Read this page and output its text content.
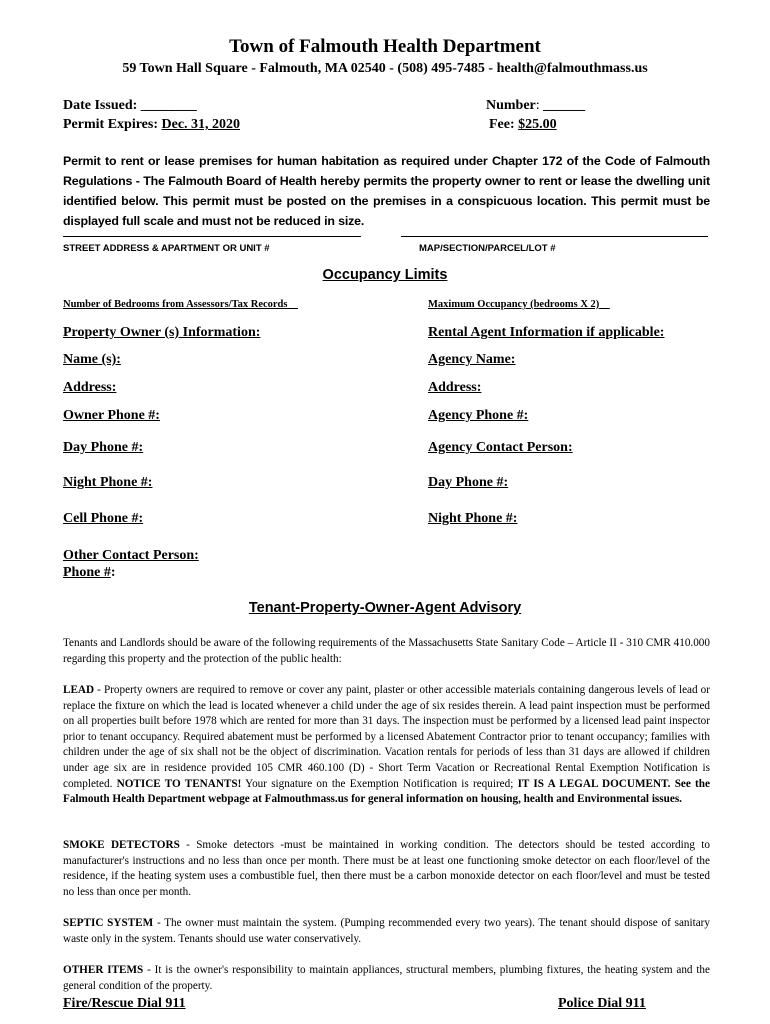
Town of Falmouth Health Department
59 Town Hall Square - Falmouth, MA 02540 - (508) 495-7485 - health@falmouthmass.us
Date Issued: ________
Permit Expires: Dec. 31, 2020
Number: ______
Fee: $25.00
Permit to rent or lease premises for human habitation as required under Chapter 172 of the Code of Falmouth Regulations - The Falmouth Board of Health hereby permits the property owner to rent or lease the dwelling unit identified below. This permit must be posted on the premises in a conspicuous location. This permit must be displayed full scale and must not be reduced in size.
STREET ADDRESS & APARTMENT OR UNIT #	MAP/SECTION/PARCEL/LOT #
Occupancy Limits
Number of Bedrooms from Assessors/Tax Records	Maximum Occupancy (bedrooms X 2)
Property Owner (s) Information:
Name (s):
Address:
Owner Phone #:
Day Phone #:
Night Phone #:
Cell Phone #:
Other Contact Person:
Phone #:
Rental Agent Information if applicable:
Agency Name:
Address:
Agency Phone #:
Agency Contact Person:
Day Phone #:
Night Phone #:
Tenant-Property-Owner-Agent Advisory
Tenants and Landlords should be aware of the following requirements of the Massachusetts State Sanitary Code – Article II - 310 CMR 410.000 regarding this property and the protection of the public health:
LEAD - Property owners are required to remove or cover any paint, plaster or other accessible materials containing dangerous levels of lead or replace the fixture on which the lead is located whenever a child under the age of six resides therein. A lead paint inspection must be performed on all properties built before 1978 which are rented for more than 31 days. The inspection must be performed by a licensed lead paint inspector prior to tenant occupancy. Required abatement must be performed by a licensed Abatement Contractor prior to tenant occupancy; families with children under the age of six shall not be the object of discrimination. Vacation rentals for periods of less than 31 days are allowed if children under age six are in residence provided 105 CMR 460.100 (D) - Short Term Vacation or Recreational Rental Exemption Notification is completed. NOTICE TO TENANTS! Your signature on the Exemption Notification is required; IT IS A LEGAL DOCUMENT. See the Falmouth Health Department webpage at Falmouthmass.us for general information on housing, health and Environmental issues.
SMOKE DETECTORS - Smoke detectors -must be maintained in working condition. The detectors should be tested according to manufacturer's instructions and no less than once per month. There must be at least one functioning smoke detector on each floor/level of the residence, if the heating system uses a combustible fuel, then there must be a carbon monoxide detector on each floor/level and must be tested no less than once per month.
SEPTIC SYSTEM - The owner must maintain the system. (Pumping recommended every two years). The tenant should dispose of sanitary waste only in the system. Tenants should use water conservatively.
OTHER ITEMS - It is the owner's responsibility to maintain appliances, structural members, plumbing fixtures, the heating system and the general condition of the property.
Fire/Rescue Dial 911	Police Dial 911
